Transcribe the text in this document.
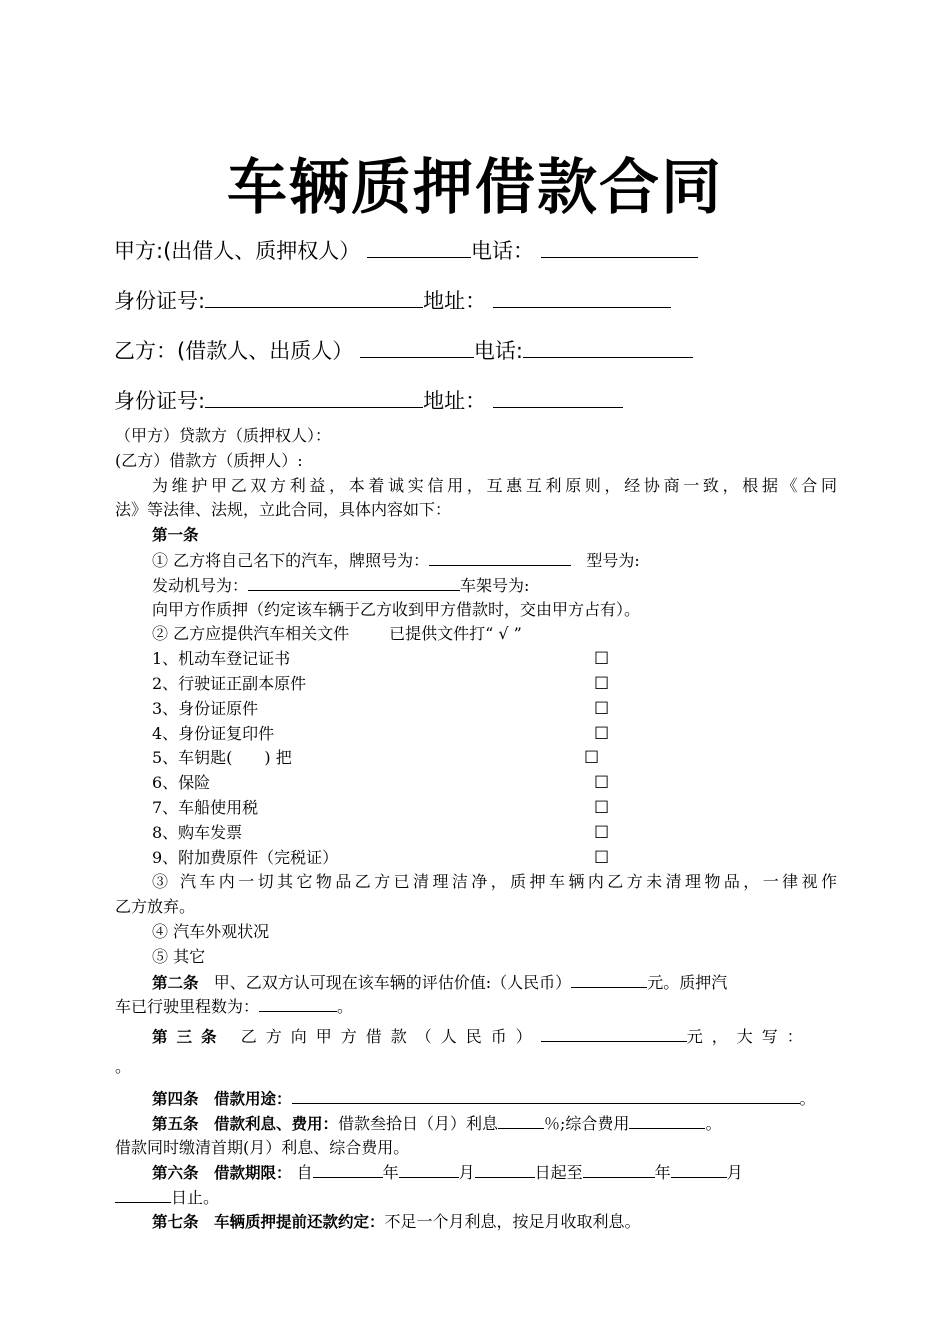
车辆质押借款合同
甲方:(出借人、质押权人）	电话：
身份证号:	地址：
乙方：(借款人、出质人）	电话:
身份证号:	地址：
（甲方）贷款方（质押权人）：
(乙方）借款方（质押人）:
为维护甲乙双方利益，本着诚实信用，互惠互利原则，经协商一致，根据《合同
法》等法律、法规，立此合同，具体内容如下：
第一条
① 乙方将自己名下的汽车，牌照号为：	型号为:
发动机号为：	车架号为:
向甲方作质押（约定该车辆于乙方收到甲方借款时，交由甲方占有）。
② 乙方应提供汽车相关文件	已提供文件打“ √ ”
1、机动车登记证书	☐
2、行驶证正副本原件	☐
3、身份证原件	☐
4、身份证复印件	☐
5、车钥匙(　　) 把	☐
6、保险	☐
7、车船使用税	☐
8、购车发票	☐
9、附加费原件（完税证）	☐
③ 汽车内一切其它物品乙方已清理洁净，质押车辆内乙方未清理物品，一律视作
乙方放弃。
④ 汽车外观状况
⑤ 其它
第二条 甲、乙双方认可现在该车辆的评估价值:（人民币）	元。质押汽
车已行驶里程数为：	。
第三条 乙方向甲方借款（人民币）	元，大写：
。
第四条　借款用途：	。
第五条　借款利息、费用：借款叁拾日（月）利息	％;综合费用	。
借款同时缴清首期(月）利息、综合费用。
第六条　借款期限： 自	年	月	日起至	年	月
日止。
第七条　车辆质押提前还款约定：不足一个月利息，按足月收取利息。
